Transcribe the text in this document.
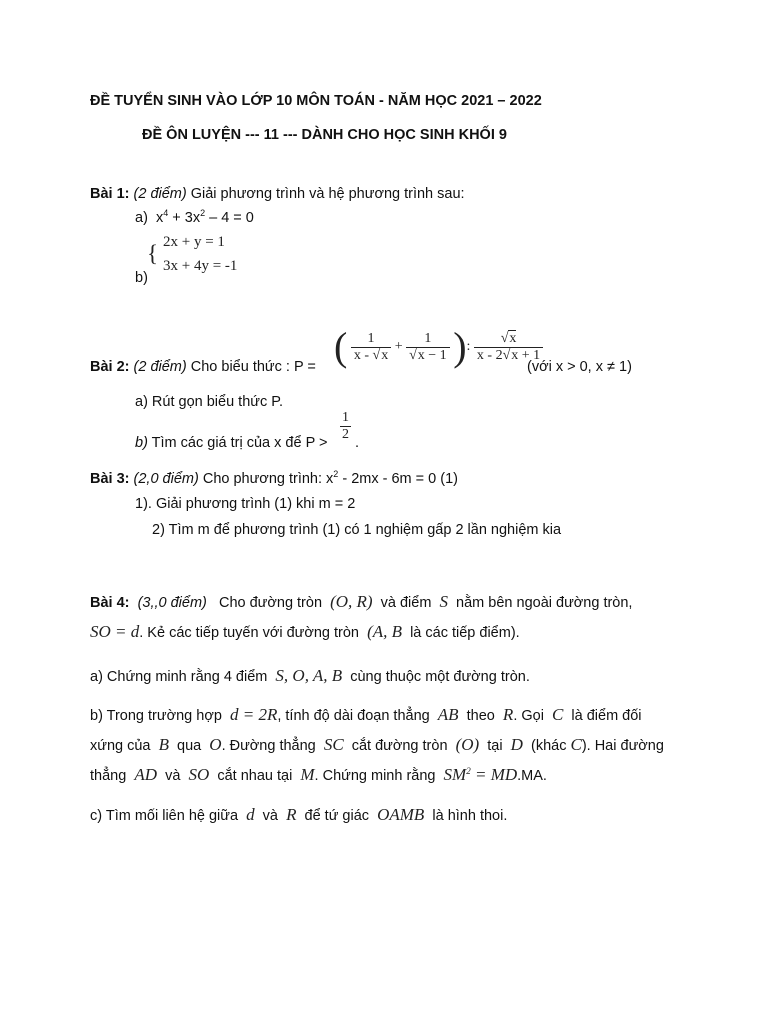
ĐỀ TUYỂN SINH VÀO LỚP 10 MÔN TOÁN - NĂM HỌC 2021 – 2022
ĐỀ ÔN LUYỆN --- 11 --- DÀNH CHO HỌC SINH KHỐI 9
Bài 1: (2 điểm) Giải phương trình và hệ phương trình sau:
a) $x^4 + 3x^2 - 4 = 0$
{ 2x + y = 1
3x + 4y = -1
b)
Bài 2: (2 điểm) Cho biểu thức : P = ( $\frac{1}{x - √x} + \frac{1}{√x - 1}$ ): $\frac{√x}{x - 2√x + 1}$
(với x > 0, x ≠ 1)
a) Rút gọn biểu thức P.
b) Tìm các giá trị của x để $P > \frac{1}{2}$ .
Bài 3: (2,0 điểm) Cho phương trình: $x^2 - 2mx - 6m = 0$ (1)
1). Giải phương trình (1) khi m = 2
2) Tìm m để phương trình (1) có 1 nghiệm gấp 2 lần nghiệm kia
Bài 4: (3,,0 điểm) Cho đường tròn (O, R) và điểm S nằm bên ngoài đường tròn,
SO = d. Kẻ các tiếp tuyến với đường tròn (A, B là các tiếp điểm).
a) Chứng minh rằng 4 điểm S, O, A, B cùng thuộc một đường tròn.
b) Trong trường hợp d = 2R, tính độ dài đoạn thẳng AB theo R. Gọi C là điểm đối
xứng của B qua O. Đường thẳng SC cắt đường tròn (O) tại D (khác C). Hai đường
thẳng AD và SO cắt nhau tại M. Chứng minh rằng $SM^2 = MD.MA$.
c) Tìm mối liên hệ giữa d và R để tứ giác OAMB là hình thoi.
